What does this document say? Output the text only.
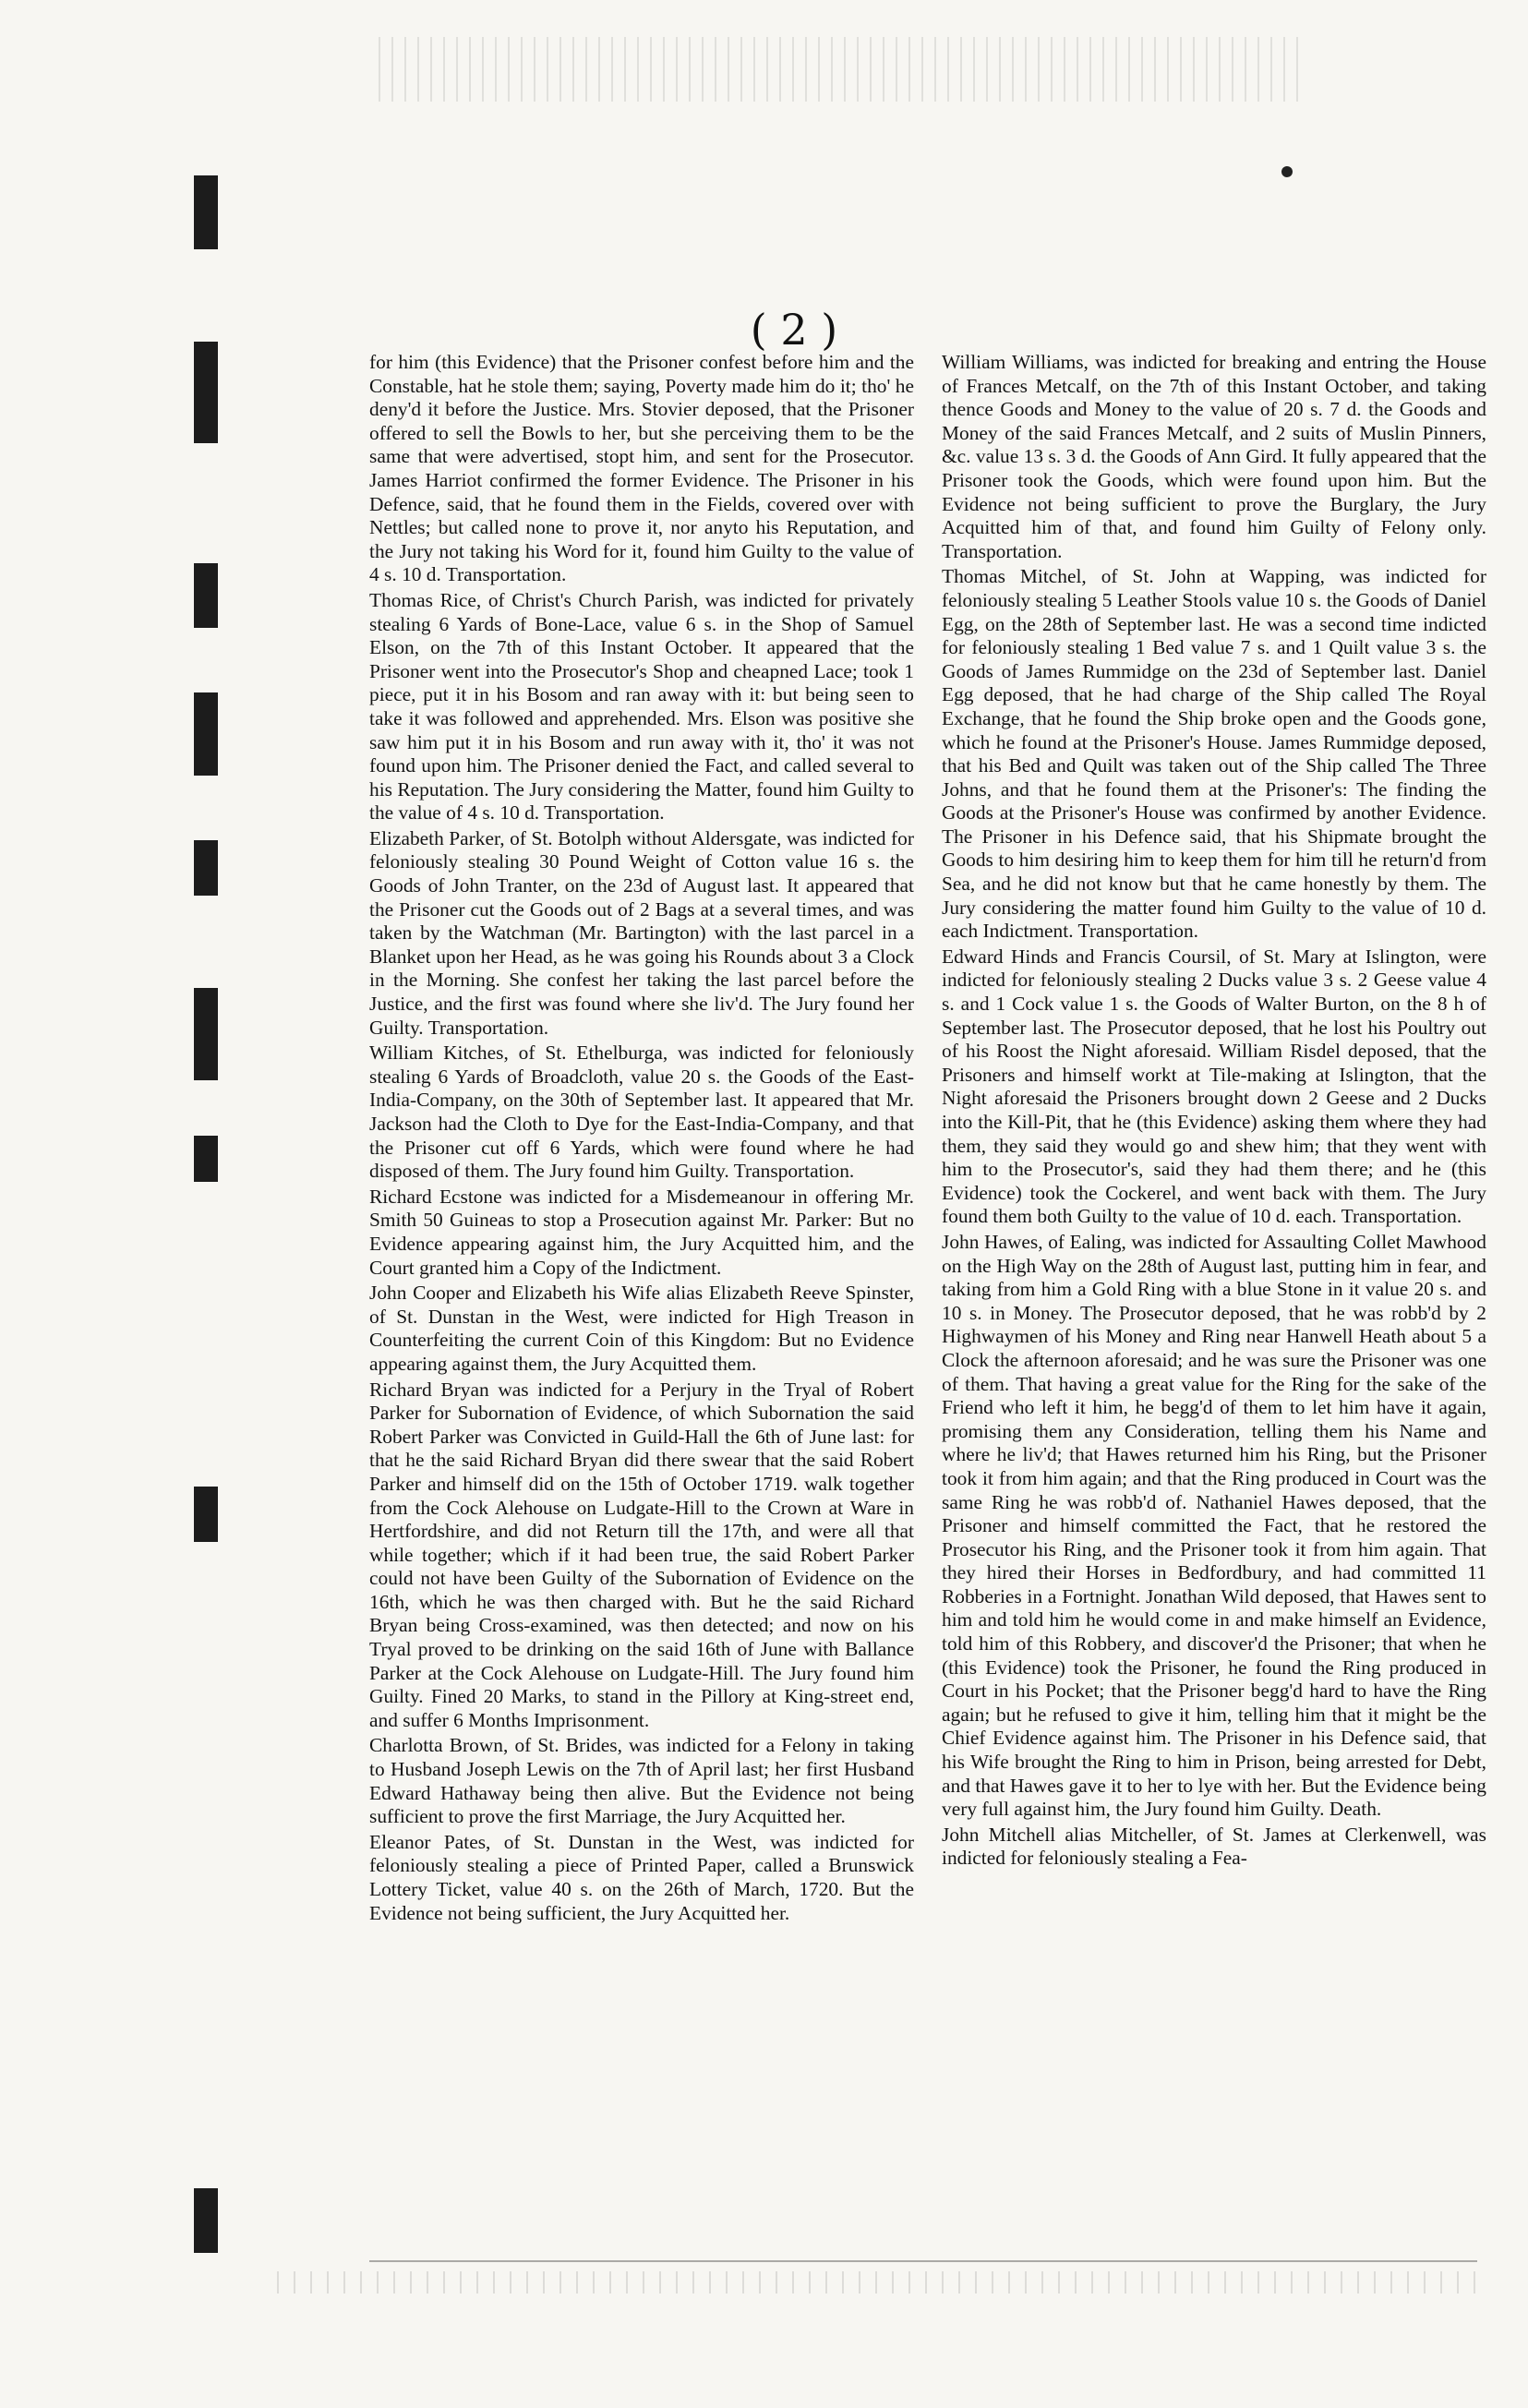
( 2 )

for him (this Evidence) that the Prisoner confest before him and the Constable, hat he stole them; saying, Poverty made him do it; tho' he deny'd it before the Justice. Mrs. Stovier deposed, that the Prisoner offered to sell the Bowls to her, but she perceiving them to be the same that were advertised, stopt him, and sent for the Prosecutor. James Harriot confirmed the former Evidence. The Prisoner in his Defence, said, that he found them in the Fields, covered over with Nettles; but called none to prove it, nor anyto his Reputation, and the Jury not taking his Word for it, found him Guilty to the value of 4 s. 10 d. Transportation.

Thomas Rice, of Christ's Church Parish, was indicted for privately stealing 6 Yards of Bone-Lace, value 6 s. in the Shop of Samuel Elson, on the 7th of this Instant October. It appeared that the Prisoner went into the Prosecutor's Shop and cheapned Lace; took 1 piece, put it in his Bosom and ran away with it: but being seen to take it was followed and apprehended. Mrs. Elson was positive she saw him put it in his Bosom and run away with it, tho' it was not found upon him. The Prisoner denied the Fact, and called several to his Reputation. The Jury considering the Matter, found him Guilty to the value of 4 s. 10 d. Transportation.

Elizabeth Parker, of St. Botolph without Aldersgate, was indicted for feloniously stealing 30 Pound Weight of Cotton value 16 s. the Goods of John Tranter, on the 23d of August last. It appeared that the Prisoner cut the Goods out of 2 Bags at a several times, and was taken by the Watchman (Mr. Bartington) with the last parcel in a Blanket upon her Head, as he was going his Rounds about 3 a Clock in the Morning. She confest her taking the last parcel before the Justice, and the first was found where she liv'd. The Jury found her Guilty. Transportation.

William Kitches, of St. Ethelburga, was indicted for feloniously stealing 6 Yards of Broadcloth, value 20 s. the Goods of the East-India-Company, on the 30th of September last. It appeared that Mr. Jackson had the Cloth to Dye for the East-India-Company, and that the Prisoner cut off 6 Yards, which were found where he had disposed of them. The Jury found him Guilty. Transportation.

Richard Ecstone was indicted for a Misdemeanour in offering Mr. Smith 50 Guineas to stop a Prosecution against Mr. Parker: But no Evidence appearing against him, the Jury Acquitted him, and the Court granted him a Copy of the Indictment.

John Cooper and Elizabeth his Wife alias Elizabeth Reeve Spinster, of St. Dunstan in the West, were indicted for High Treason in Counterfeiting the current Coin of this Kingdom: But no Evidence appearing against them, the Jury Acquitted them.

Richard Bryan was indicted for a Perjury in the Tryal of Robert Parker for Subornation of Evidence, of which Subornation the said Robert Parker was Convicted in Guild-Hall the 6th of June last: for that he the said Richard Bryan did there swear that the said Robert Parker and himself did on the 15th of October 1719. walk together from the Cock Alehouse on Ludgate-Hill to the Crown at Ware in Hertfordshire, and did not Return till the 17th, and were all that while together; which if it had been true, the said Robert Parker could not have been Guilty of the Subornation of Evidence on the 16th, which he was then charged with. But he the said Richard Bryan being Cross-examined, was then detected; and now on his Tryal proved to be drinking on the said 16th of June with Ballance Parker at the Cock Alehouse on Ludgate-Hill. The Jury found him Guilty. Fined 20 Marks, to stand in the Pillory at King-street end, and suffer 6 Months Imprisonment.

Charlotta Brown, of St. Brides, was indicted for a Felony in taking to Husband Joseph Lewis on the 7th of April last; her first Husband Edward Hathaway being then alive. But the Evidence not being sufficient to prove the first Marriage, the Jury Acquitted her.

Eleanor Pates, of St. Dunstan in the West, was indicted for feloniously stealing a piece of Printed Paper, called a Brunswick Lottery Ticket, value 40 s. on the 26th of March, 1720. But the Evidence not being sufficient, the Jury Acquitted her.

William Williams, was indicted for breaking and entring the House of Frances Metcalf, on the 7th of this Instant October, and taking thence Goods and Money to the value of 20 s. 7 d. the Goods and Money of the said Frances Metcalf, and 2 suits of Muslin Pinners, &c. value 13 s. 3 d. the Goods of Ann Gird. It fully appeared that the Prisoner took the Goods, which were found upon him. But the Evidence not being sufficient to prove the Burglary, the Jury Acquitted him of that, and found him Guilty of Felony only. Transportation.

Thomas Mitchel, of St. John at Wapping, was indicted for feloniously stealing 5 Leather Stools value 10 s. the Goods of Daniel Egg, on the 28th of September last. He was a second time indicted for feloniously stealing 1 Bed value 7 s. and 1 Quilt value 3 s. the Goods of James Rummidge on the 23d of September last. Daniel Egg deposed, that he had charge of the Ship called The Royal Exchange, that he found the Ship broke open and the Goods gone, which he found at the Prisoner's House. James Rummidge deposed, that his Bed and Quilt was taken out of the Ship called The Three Johns, and that he found them at the Prisoner's: The finding the Goods at the Prisoner's House was confirmed by another Evidence. The Prisoner in his Defence said, that his Shipmate brought the Goods to him desiring him to keep them for him till he return'd from Sea, and he did not know but that he came honestly by them. The Jury considering the matter found him Guilty to the value of 10 d. each Indictment. Transportation.

Edward Hinds and Francis Coursil, of St. Mary at Islington, were indicted for feloniously stealing 2 Ducks value 3 s. 2 Geese value 4 s. and 1 Cock value 1 s. the Goods of Walter Burton, on the 8 h of September last. The Prosecutor deposed, that he lost his Poultry out of his Roost the Night aforesaid. William Risdel deposed, that the Prisoners and himself workt at Tile-making at Islington, that the Night aforesaid the Prisoners brought down 2 Geese and 2 Ducks into the Kill-Pit, that he (this Evidence) asking them where they had them, they said they would go and shew him; that they went with him to the Prosecutor's, said they had them there; and he (this Evidence) took the Cockerel, and went back with them. The Jury found them both Guilty to the value of 10 d. each. Transportation.

John Hawes, of Ealing, was indicted for Assaulting Collet Mawhood on the High Way on the 28th of August last, putting him in fear, and taking from him a Gold Ring with a blue Stone in it value 20 s. and 10 s. in Money. The Prosecutor deposed, that he was robb'd by 2 Highwaymen of his Money and Ring near Hanwell Heath about 5 a Clock the afternoon aforesaid; and he was sure the Prisoner was one of them. That having a great value for the Ring for the sake of the Friend who left it him, he begg'd of them to let him have it again, promising them any Consideration, telling them his Name and where he liv'd; that Hawes returned him his Ring, but the Prisoner took it from him again; and that the Ring produced in Court was the same Ring he was robb'd of. Nathaniel Hawes deposed, that the Prisoner and himself committed the Fact, that he restored the Prosecutor his Ring, and the Prisoner took it from him again. That they hired their Horses in Bedfordbury, and had committed 11 Robberies in a Fortnight. Jonathan Wild deposed, that Hawes sent to him and told him he would come in and make himself an Evidence, told him of this Robbery, and discover'd the Prisoner; that when he (this Evidence) took the Prisoner, he found the Ring produced in Court in his Pocket; that the Prisoner begg'd hard to have the Ring again; but he refused to give it him, telling him that it might be the Chief Evidence against him. The Prisoner in his Defence said, that his Wife brought the Ring to him in Prison, being arrested for Debt, and that Hawes gave it to her to lye with her. But the Evidence being very full against him, the Jury found him Guilty. Death.

John Mitchell alias Mitcheller, of St. James at Clerkenwell, was indicted for feloniously stealing a Fea-
